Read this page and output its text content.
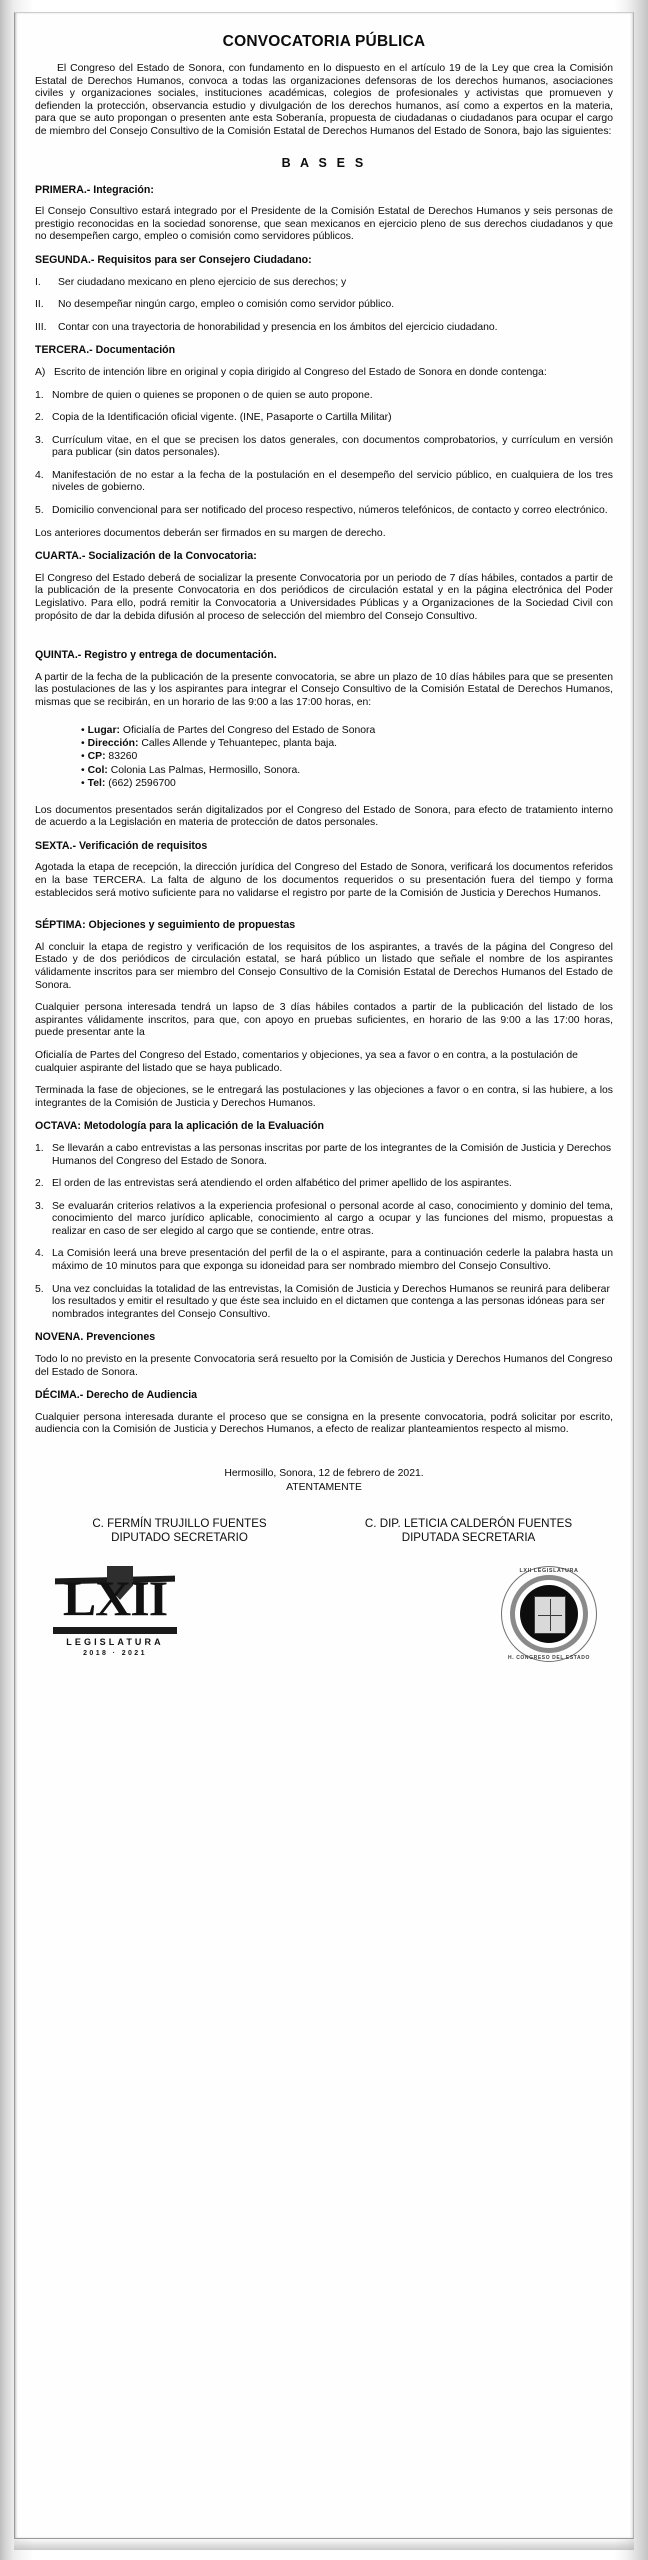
CONVOCATORIA PÚBLICA

El Congreso del Estado de Sonora, con fundamento en lo dispuesto en el artículo 19 de la Ley que crea la Comisión Estatal de Derechos Humanos, convoca a todas las organizaciones defensoras de los derechos humanos, asociaciones civiles y organizaciones sociales, instituciones académicas, colegios de profesionales y activistas que promueven y defienden la protección, observancia estudio y divulgación de los derechos humanos, así como a expertos en la materia, para que se auto propongan o presenten ante esta Soberanía, propuesta de ciudadanas o ciudadanos para ocupar el cargo de miembro del Consejo Consultivo de la Comisión Estatal de Derechos Humanos del Estado de Sonora, bajo las siguientes:

B A S E S
PRIMERA.- Integración:

El Consejo Consultivo estará integrado por el Presidente de la Comisión Estatal de Derechos Humanos y seis personas de prestigio reconocidas en la sociedad sonorense, que sean mexicanos en ejercicio pleno de sus derechos ciudadanos y que no desempeñen cargo, empleo o comisión como servidores públicos.

SEGUNDA.- Requisitos para ser Consejero Ciudadano:
I.	Ser ciudadano mexicano en pleno ejercicio de sus derechos; y
II.	No desempeñar ningún cargo, empleo o comisión como servidor público.
III.	Contar con una trayectoria de honorabilidad y presencia en los ámbitos del ejercicio ciudadano.
TERCERA.- Documentación
A) Escrito de intención libre en original y copia dirigido al Congreso del Estado de Sonora en donde contenga:
1. Nombre de quien o quienes se proponen o de quien se auto propone.
2. Copia de la Identificación oficial vigente. (INE, Pasaporte o Cartilla Militar)
3. Currículum vitae, en el que se precisen los datos generales, con documentos comprobatorios, y currículum en versión para publicar (sin datos personales).
4. Manifestación de no estar a la fecha de la postulación en el desempeño del servicio público, en cualquiera de los tres niveles de gobierno.
5. Domicilio convencional para ser notificado del proceso respectivo, números telefónicos, de contacto y correo electrónico.

Los anteriores documentos deberán ser firmados en su margen de derecho.

CUARTA.- Socialización de la Convocatoria:

El Congreso del Estado deberá de socializar la presente Convocatoria por un periodo de 7 días hábiles, contados a partir de la publicación de la presente Convocatoria en dos periódicos de circulación estatal y en la página electrónica del Poder Legislativo. Para ello, podrá remitir la Convocatoria a Universidades Públicas y a Organizaciones de la Sociedad Civil con propósito de dar la debida difusión al proceso de selección del miembro del Consejo Consultivo.

QUINTA.- Registro y entrega de documentación.

A partir de la fecha de la publicación de la presente convocatoria, se abre un plazo de 10 días hábiles para que se presenten las postulaciones de las y los aspirantes para integrar el Consejo Consultivo de la Comisión Estatal de Derechos Humanos, mismas que se recibirán, en un horario de las 9:00 a las 17:00 horas, en:

• Lugar: Oficialía de Partes del Congreso del Estado de Sonora
• Dirección: Calles Allende y Tehuantepec, planta baja.
• CP: 83260
• Col: Colonia Las Palmas, Hermosillo, Sonora.
• Tel: (662) 2596700

Los documentos presentados serán digitalizados por el Congreso del Estado de Sonora, para efecto de tratamiento interno de acuerdo a la Legislación en materia de protección de datos personales.

SEXTA.- Verificación de requisitos

Agotada la etapa de recepción, la dirección jurídica del Congreso del Estado de Sonora, verificará los documentos referidos en la base TERCERA. La falta de alguno de los documentos requeridos o su presentación fuera del tiempo y forma establecidos será motivo suficiente para no validarse el registro por parte de la Comisión de Justicia y Derechos Humanos.

SÉPTIMA: Objeciones y seguimiento de propuestas

Al concluir la etapa de registro y verificación de los requisitos de los aspirantes, a través de la página del Congreso del Estado y de dos periódicos de circulación estatal, se hará público un listado que señale el nombre de los aspirantes válidamente inscritos para ser miembro del Consejo Consultivo de la Comisión Estatal de Derechos Humanos del Estado de Sonora.

Cualquier persona interesada tendrá un lapso de 3 días hábiles contados a partir de la publicación del listado de los aspirantes válidamente inscritos, para que, con apoyo en pruebas suficientes, en horario de las 9:00 a las 17:00 horas, puede presentar ante la

Oficialía de Partes del Congreso del Estado, comentarios y objeciones, ya sea a favor o en contra, a la postulación de cualquier aspirante del listado que se haya publicado.

Terminada la fase de objeciones, se le entregará las postulaciones y las objeciones a favor o en contra, si las hubiere, a los integrantes de la Comisión de Justicia y Derechos Humanos.

OCTAVA: Metodología para la aplicación de la Evaluación
1. Se llevarán a cabo entrevistas a las personas inscritas por parte de los integrantes de la Comisión de Justicia y Derechos Humanos del Congreso del Estado de Sonora.
2. El orden de las entrevistas será atendiendo el orden alfabético del primer apellido de los aspirantes.
3. Se evaluarán criterios relativos a la experiencia profesional o personal acorde al caso, conocimiento y dominio del tema, conocimiento del marco jurídico aplicable, conocimiento al cargo a ocupar y las funciones del mismo, propuestas a realizar en caso de ser elegido al cargo que se contiende, entre otras.
4. La Comisión leerá una breve presentación del perfil de la o el aspirante, para a continuación cederle la palabra hasta un máximo de 10 minutos para que exponga su idoneidad para ser nombrado miembro del Consejo Consultivo.
5. Una vez concluidas la totalidad de las entrevistas, la Comisión de Justicia y Derechos Humanos se reunirá para deliberar los resultados y emitir el resultado y que éste sea incluido en el dictamen que contenga a las personas idóneas para ser nombrados integrantes del Consejo Consultivo.
NOVENA. Prevenciones

Todo lo no previsto en la presente Convocatoria será resuelto por la Comisión de Justicia y Derechos Humanos del Congreso del Estado de Sonora.

DÉCIMA.- Derecho de Audiencia

Cualquier persona interesada durante el proceso que se consigna en la presente convocatoria, podrá solicitar por escrito, audiencia con la Comisión de Justicia y Derechos Humanos, a efecto de realizar planteamientos respecto al mismo.

Hermosillo, Sonora, 12 de febrero de 2021.
ATENTAMENTE
C. FERMÍN TRUJILLO FUENTES
DIPUTADO SECRETARIO
C. DIP. LETICIA CALDERÓN FUENTES
DIPUTADA SECRETARIA
LXII
LEGISLATURA
2018 · 2021
LXII LEGISLATURA
H. CONGRESO DEL ESTADO
